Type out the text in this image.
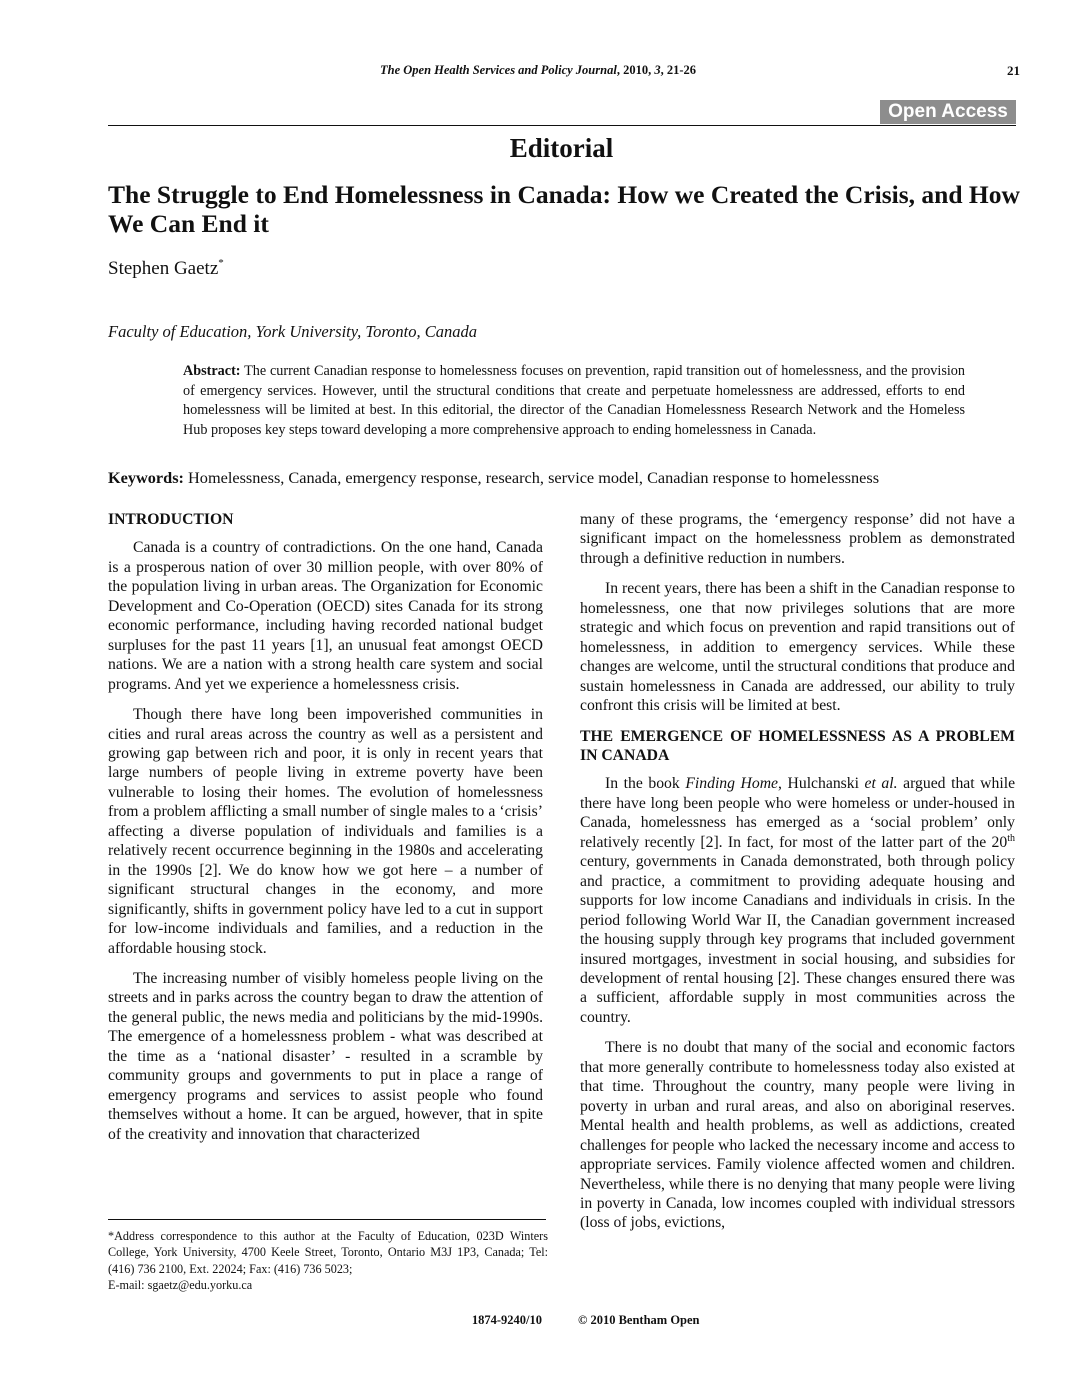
The Open Health Services and Policy Journal, 2010, 3, 21-26	21
Open Access
Editorial
The Struggle to End Homelessness in Canada: How we Created the Crisis, and How We Can End it
Stephen Gaetz*
Faculty of Education, York University, Toronto, Canada
Abstract: The current Canadian response to homelessness focuses on prevention, rapid transition out of homelessness, and the provision of emergency services. However, until the structural conditions that create and perpetuate homelessness are addressed, efforts to end homelessness will be limited at best. In this editorial, the director of the Canadian Homelessness Research Network and the Homeless Hub proposes key steps toward developing a more comprehensive approach to ending homelessness in Canada.
Keywords: Homelessness, Canada, emergency response, research, service model, Canadian response to homelessness
INTRODUCTION

Canada is a country of contradictions. On the one hand, Canada is a prosperous nation of over 30 million people, with over 80% of the population living in urban areas. The Organization for Economic Development and Co-Operation (OECD) sites Canada for its strong economic performance, including having recorded national budget surpluses for the past 11 years [1], an unusual feat amongst OECD nations. We are a nation with a strong health care system and social programs. And yet we experience a homelessness crisis.

Though there have long been impoverished communities in cities and rural areas across the country as well as a persistent and growing gap between rich and poor, it is only in recent years that large numbers of people living in extreme poverty have been vulnerable to losing their homes. The evolution of homelessness from a problem afflicting a small number of single males to a ‘crisis’ affecting a diverse population of individuals and families is a relatively recent occurrence beginning in the 1980s and accelerating in the 1990s [2]. We do know how we got here – a number of significant structural changes in the economy, and more significantly, shifts in government policy have led to a cut in support for low-income individuals and families, and a reduction in the affordable housing stock.

The increasing number of visibly homeless people living on the streets and in parks across the country began to draw the attention of the general public, the news media and politicians by the mid-1990s. The emergence of a homelessness problem - what was described at the time as a ‘national disaster’ - resulted in a scramble by community groups and governments to put in place a range of emergency programs and services to assist people who found themselves without a home. It can be argued, however, that in spite of the creativity and innovation that characterized

many of these programs, the ‘emergency response’ did not have a significant impact on the homelessness problem as demonstrated through a definitive reduction in numbers.

In recent years, there has been a shift in the Canadian response to homelessness, one that now privileges solutions that are more strategic and which focus on prevention and rapid transitions out of homelessness, in addition to emergency services. While these changes are welcome, until the structural conditions that produce and sustain homelessness in Canada are addressed, our ability to truly confront this crisis will be limited at best.

THE EMERGENCE OF HOMELESSNESS AS A PROBLEM IN CANADA

In the book Finding Home, Hulchanski et al. argued that while there have long been people who were homeless or under-housed in Canada, homelessness has emerged as a ‘social problem’ only relatively recently [2]. In fact, for most of the latter part of the 20th century, governments in Canada demonstrated, both through policy and practice, a commitment to providing adequate housing and supports for low income Canadians and individuals in crisis. In the period following World War II, the Canadian government increased the housing supply through key programs that included government insured mortgages, investment in social housing, and subsidies for development of rental housing [2]. These changes ensured there was a sufficient, affordable supply in most communities across the country.

There is no doubt that many of the social and economic factors that more generally contribute to homelessness today also existed at that time. Throughout the country, many people were living in poverty in urban and rural areas, and also on aboriginal reserves. Mental health and health problems, as well as addictions, created challenges for people who lacked the necessary income and access to appropriate services. Family violence affected women and children. Nevertheless, while there is no denying that many people were living in poverty in Canada, low incomes coupled with individual stressors (loss of jobs, evictions,

*Address correspondence to this author at the Faculty of Education, 023D Winters College, York University, 4700 Keele Street, Toronto, Ontario M3J 1P3, Canada; Tel: (416) 736 2100, Ext. 22024; Fax: (416) 736 5023;
E-mail: sgaetz@edu.yorku.ca
1874-9240/10	© 2010 Bentham Open
